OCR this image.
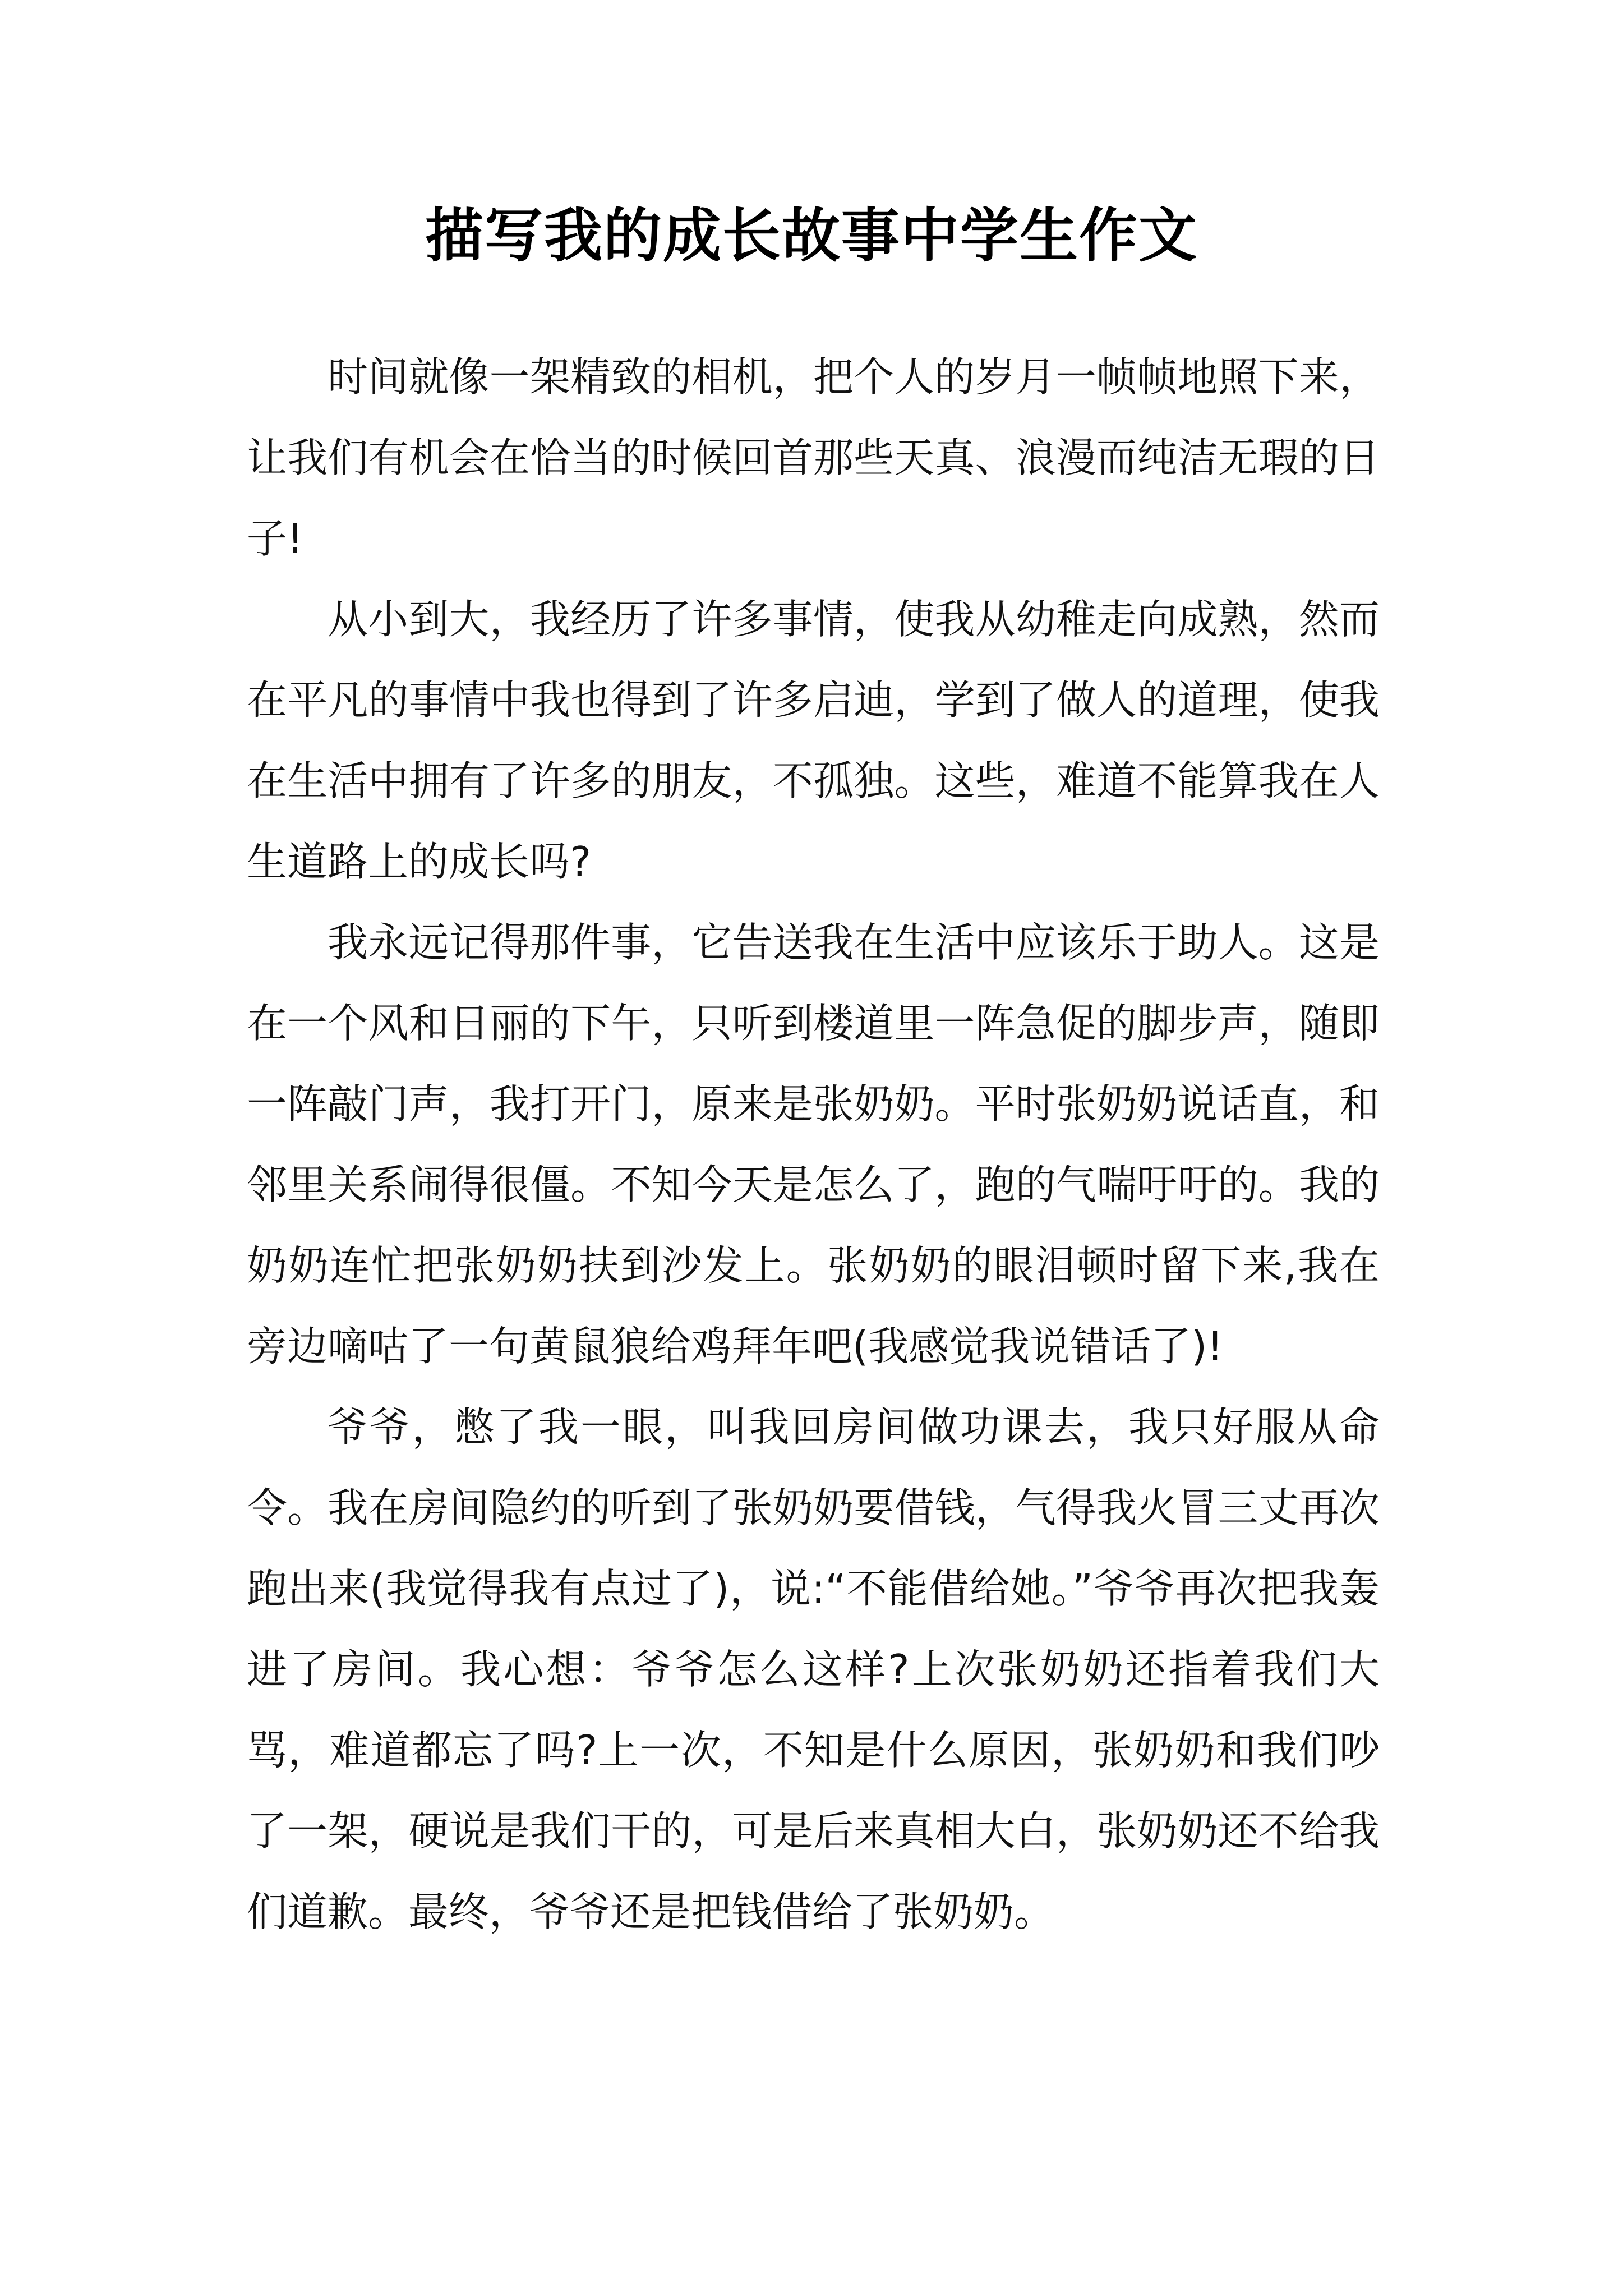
描写我的成长故事中学生作文

时间就像一架精致的相机，把个人的岁月一帧帧地照下来，让我们有机会在恰当的时候回首那些天真、浪漫而纯洁无瑕的日子!

从小到大，我经历了许多事情，使我从幼稚走向成熟，然而在平凡的事情中我也得到了许多启迪，学到了做人的道理，使我在生活中拥有了许多的朋友，不孤独。这些，难道不能算我在人生道路上的成长吗?

我永远记得那件事，它告送我在生活中应该乐于助人。这是在一个风和日丽的下午，只听到楼道里一阵急促的脚步声，随即一阵敲门声，我打开门，原来是张奶奶。平时张奶奶说话直，和邻里关系闹得很僵。不知今天是怎么了，跑的气喘吁吁的。我的奶奶连忙把张奶奶扶到沙发上。张奶奶的眼泪顿时留下来,我在旁边嘀咕了一句黄鼠狼给鸡拜年吧(我感觉我说错话了)!

爷爷，憋了我一眼，叫我回房间做功课去，我只好服从命令。我在房间隐约的听到了张奶奶要借钱，气得我火冒三丈再次跑出来(我觉得我有点过了)，说:“不能借给她。”爷爷再次把我轰进了房间。我心想：爷爷怎么这样?上次张奶奶还指着我们大骂，难道都忘了吗?上一次，不知是什么原因，张奶奶和我们吵了一架，硬说是我们干的，可是后来真相大白，张奶奶还不给我们道歉。最终，爷爷还是把钱借给了张奶奶。
